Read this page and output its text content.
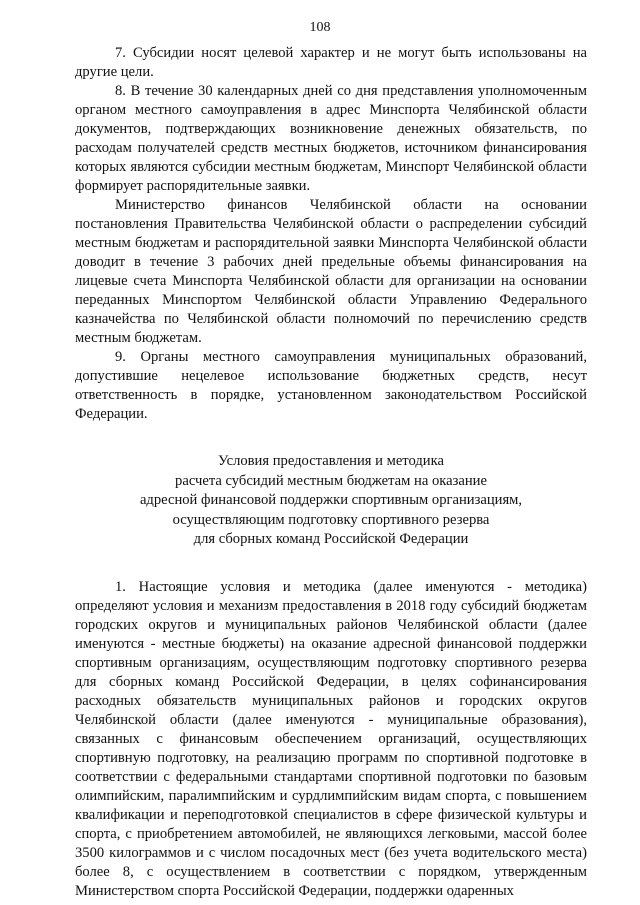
108

7. Субсидии носят целевой характер и не могут быть использованы на другие цели.

8. В течение 30 календарных дней со дня представления уполномоченным органом местного самоуправления в адрес Минспорта Челябинской области документов, подтверждающих возникновение денежных обязательств, по расходам получателей средств местных бюджетов, источником финансирования которых являются субсидии местным бюджетам, Минспорт Челябинской области формирует распорядительные заявки.

Министерство финансов Челябинской области на основании постановления Правительства Челябинской области о распределении субсидий местным бюджетам и распорядительной заявки Минспорта Челябинской области доводит в течение 3 рабочих дней предельные объемы финансирования на лицевые счета Минспорта Челябинской области для организации на основании переданных Минспортом Челябинской области Управлению Федерального казначейства по Челябинской области полномочий по перечислению средств местным бюджетам.

9. Органы местного самоуправления муниципальных образований, допустившие нецелевое использование бюджетных средств, несут ответственность в порядке, установленном законодательством Российской Федерации.

Условия предоставления и методика
расчета субсидий местным бюджетам на оказание
адресной финансовой поддержки спортивным организациям,
осуществляющим подготовку спортивного резерва
для сборных команд Российской Федерации

1. Настоящие условия и методика (далее именуются - методика) определяют условия и механизм предоставления в 2018 году субсидий бюджетам городских округов и муниципальных районов Челябинской области (далее именуются - местные бюджеты) на оказание адресной финансовой поддержки спортивным организациям, осуществляющим подготовку спортивного резерва для сборных команд Российской Федерации, в целях софинансирования расходных обязательств муниципальных районов и городских округов Челябинской области (далее именуются - муниципальные образования), связанных с финансовым обеспечением организаций, осуществляющих спортивную подготовку, на реализацию программ по спортивной подготовке в соответствии с федеральными стандартами спортивной подготовки по базовым олимпийским, паралимпийским и сурдлимпийским видам спорта, с повышением квалификации и переподготовкой специалистов в сфере физической культуры и спорта, с приобретением автомобилей, не являющихся легковыми, массой более 3500 килограммов и с числом посадочных мест (без учета водительского места) более 8, с осуществлением в соответствии с порядком, утвержденным Министерством спорта Российской Федерации, поддержки одаренных
